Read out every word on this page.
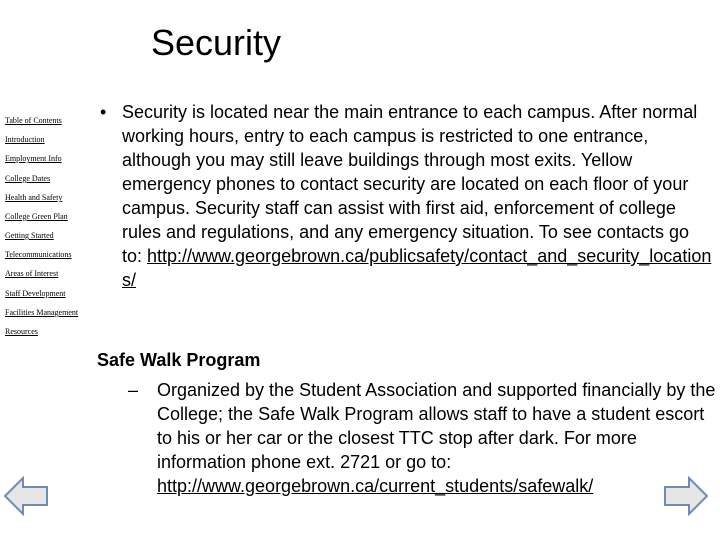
Security
Table of Contents
Introduction
Employment Info
College Dates
Health and Safety
College Green Plan
Getting Started
Telecommunications
Areas of Interest
Staff Development
Facilities Management
Resources
• Security is located near the main entrance to each campus. After normal working hours, entry to each campus is restricted to one entrance, although you may still leave buildings through most exits. Yellow emergency phones to contact security are located on each floor of your campus. Security staff can assist with first aid, enforcement of college rules and regulations, and any emergency situation. To see contacts go to: http://www.georgebrown.ca/publicsafety/contact_and_security_locations/
Safe Walk Program
– Organized by the Student Association and supported financially by the College; the Safe Walk Program allows staff to have a student escort to his or her car or the closest TTC stop after dark. For more information phone ext. 2721 or go to: http://www.georgebrown.ca/current_students/safewalk/
